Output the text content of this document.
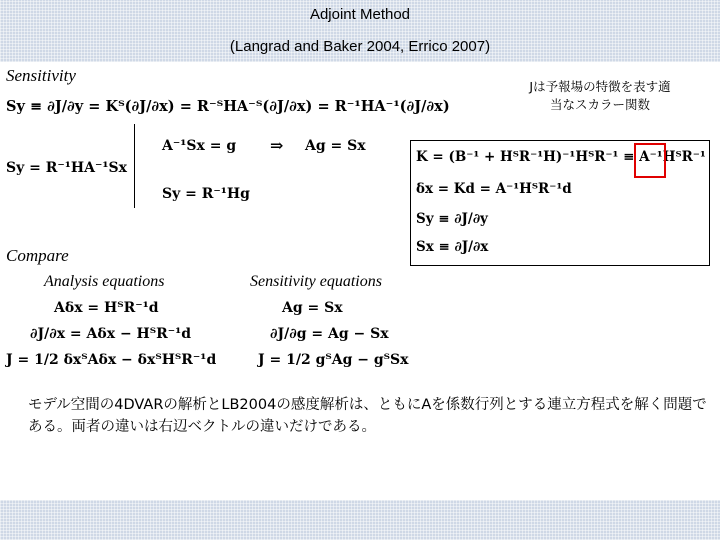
Adjoint Method
(Langrad and Baker 2004, Errico 2007)
Sensitivity
Sy ≡ ∂J/∂y = Kᵀ(∂J/∂x) = R⁻ᵀHA⁻ᵀ(∂J/∂x) = R⁻¹HA⁻¹(∂J/∂x)
Sy = R⁻¹HA⁻¹Sx
A⁻¹Sx = g ⇒ Ag = Sx
Sy = R⁻¹Hg
Jは予報場の特徴を表す適
当なスカラー関数
K = (B⁻¹ + HᵀR⁻¹H)⁻¹HᵀR⁻¹ ≡ A⁻¹HᵀR⁻¹
δx = Kd = A⁻¹HᵀR⁻¹d
Sy ≡ ∂J/∂y
Sx ≡ ∂J/∂x
Compare
Analysis equations	Sensitivity equations
Aδx = HᵀR⁻¹d
∂J/∂x = Aδx − HᵀR⁻¹d
J = 1/2 δxᵀAδx − δxᵀHᵀR⁻¹d
Ag = Sx
∂J/∂g = Ag − Sx
J = 1/2 gᵀAg − gᵀSx
モデル空間の4DVARの解析とLB2004の感度解析は、ともにAを係数行列とする連立方程式を解く問題である。両者の違いは右辺ベクトルの違いだけである。
